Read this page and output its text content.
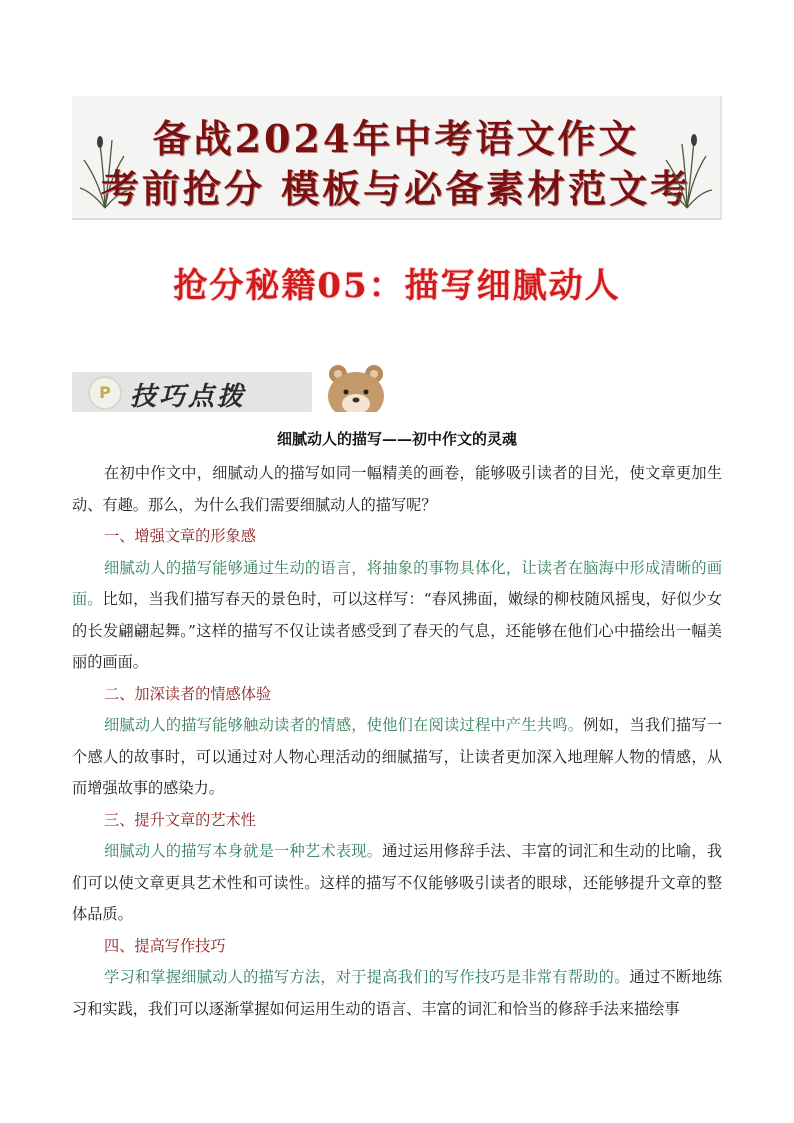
备战2024年中考语文作文
考前抢分 模板与必备素材范文考
抢分秘籍05：描写细腻动人
P 技巧点拨
细腻动人的描写——初中作文的灵魂

在初中作文中，细腻动人的描写如同一幅精美的画卷，能够吸引读者的目光，使文章更加生动、有趣。那么，为什么我们需要细腻动人的描写呢？

一、增强文章的形象感

细腻动人的描写能够通过生动的语言，将抽象的事物具体化，让读者在脑海中形成清晰的画面。比如，当我们描写春天的景色时，可以这样写：“春风拂面，嫩绿的柳枝随风摇曳，好似少女的长发翩翩起舞。”这样的描写不仅让读者感受到了春天的气息，还能够在他们心中描绘出一幅美丽的画面。

二、加深读者的情感体验

细腻动人的描写能够触动读者的情感，使他们在阅读过程中产生共鸣。例如，当我们描写一个感人的故事时，可以通过对人物心理活动的细腻描写，让读者更加深入地理解人物的情感，从而增强故事的感染力。

三、提升文章的艺术性

细腻动人的描写本身就是一种艺术表现。通过运用修辞手法、丰富的词汇和生动的比喻，我们可以使文章更具艺术性和可读性。这样的描写不仅能够吸引读者的眼球，还能够提升文章的整体品质。

四、提高写作技巧

学习和掌握细腻动人的描写方法，对于提高我们的写作技巧是非常有帮助的。通过不断地练习和实践，我们可以逐渐掌握如何运用生动的语言、丰富的词汇和恰当的修辞手法来描绘事
